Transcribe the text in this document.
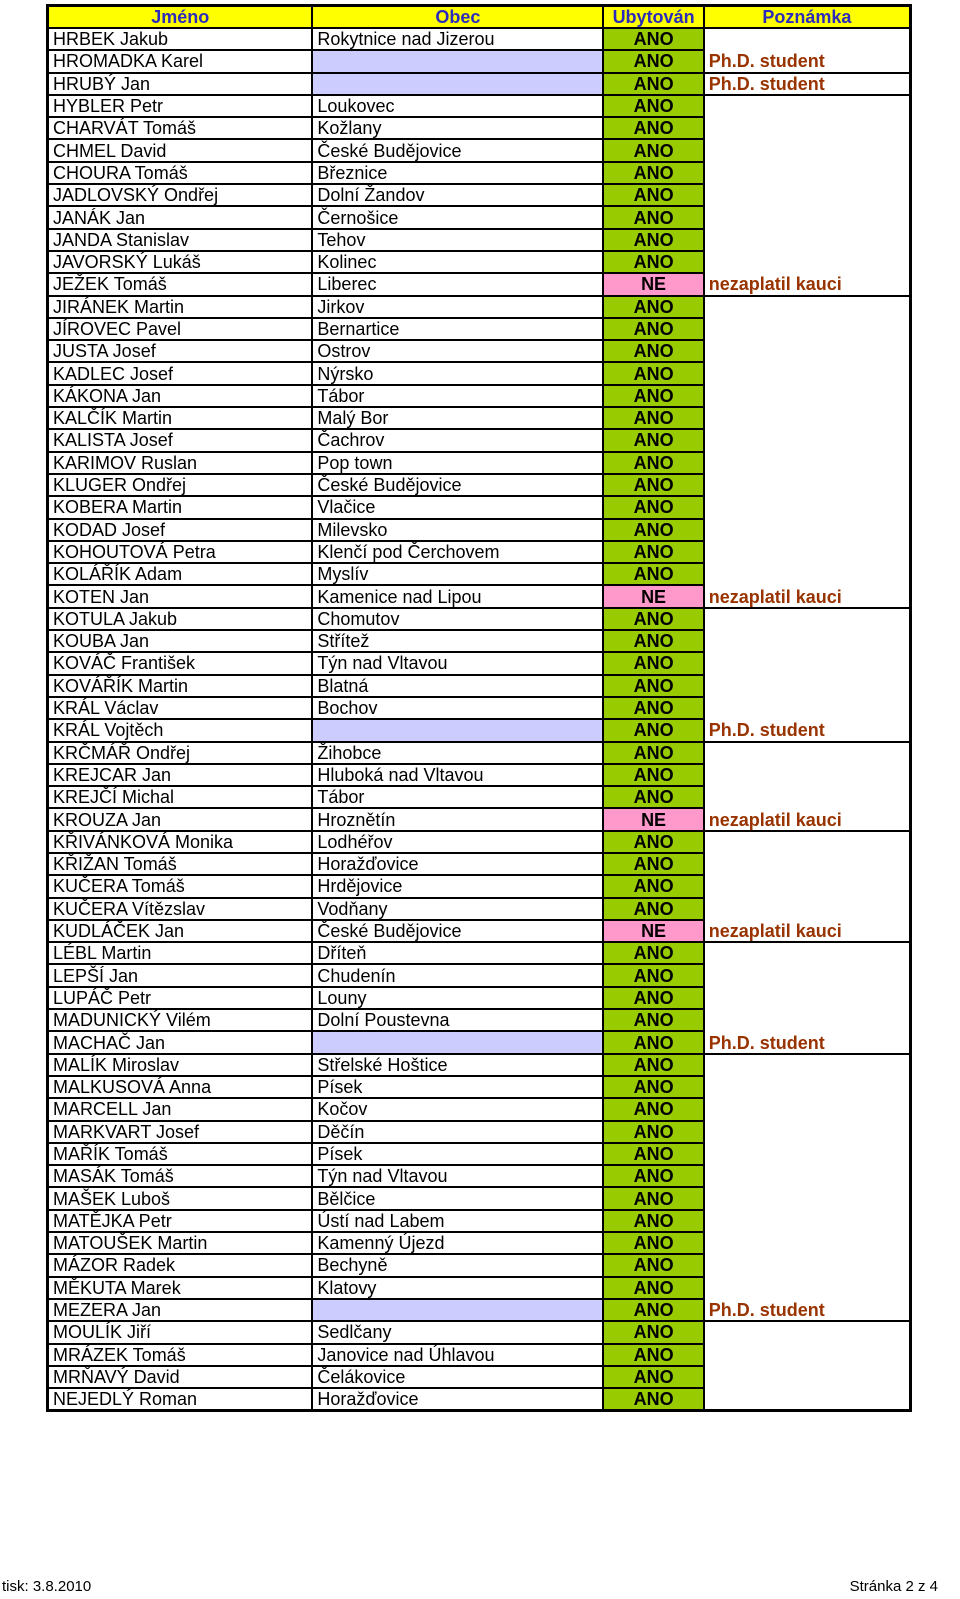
Jméno	Obec	Ubytován	Poznámka
HRBEK Jakub	Rokytnice nad Jizerou	ANO	
HROMADKA Karel		ANO	Ph.D. student
HRUBÝ Jan		ANO	Ph.D. student
HYBLER Petr	Loukovec	ANO	
CHARVÁT Tomáš	Kožlany	ANO	
CHMEL David	České Budějovice	ANO	
CHOURA Tomáš	Březnice	ANO	
JADLOVSKÝ Ondřej	Dolní Žandov	ANO	
JANÁK Jan	Černošice	ANO	
JANDA Stanislav	Tehov	ANO	
JAVORSKÝ Lukáš	Kolinec	ANO	
JEŽEK Tomáš	Liberec	NE	nezaplatil kauci
JIRÁNEK Martin	Jirkov	ANO	
JÍROVEC Pavel	Bernartice	ANO	
JUSTA Josef	Ostrov	ANO	
KADLEC Josef	Nýrsko	ANO	
KÁKONA Jan	Tábor	ANO	
KALČÍK Martin	Malý Bor	ANO	
KALISTA Josef	Čachrov	ANO	
KARIMOV Ruslan	Pop town	ANO	
KLUGER Ondřej	České Budějovice	ANO	
KOBERA Martin	Vlačice	ANO	
KODAD Josef	Milevsko	ANO	
KOHOUTOVÁ Petra	Klenčí pod Čerchovem	ANO	
KOLÁŘÍK Adam	Myslív	ANO	
KOTEN Jan	Kamenice nad Lipou	NE	nezaplatil kauci
KOTULA Jakub	Chomutov	ANO	
KOUBA Jan	Střítež	ANO	
KOVÁČ František	Týn nad Vltavou	ANO	
KOVÁŘÍK Martin	Blatná	ANO	
KRÁL Václav	Bochov	ANO	
KRÁL Vojtěch		ANO	Ph.D. student
KRČMÁŘ Ondřej	Žihobce	ANO	
KREJCAR Jan	Hluboká nad Vltavou	ANO	
KREJČÍ Michal	Tábor	ANO	
KROUZA Jan	Hroznětín	NE	nezaplatil kauci
KŘIVÁNKOVÁ Monika	Lodhéřov	ANO	
KŘIŽAN Tomáš	Horažďovice	ANO	
KUČERA Tomáš	Hrdějovice	ANO	
KUČERA Vítězslav	Vodňany	ANO	
KUDLÁČEK Jan	České Budějovice	NE	nezaplatil kauci
LÉBL Martin	Dříteň	ANO	
LEPŠÍ Jan	Chudenín	ANO	
LUPÁČ Petr	Louny	ANO	
MADUNICKÝ Vilém	Dolní Poustevna	ANO	
MACHAČ Jan		ANO	Ph.D. student
MALÍK Miroslav	Střelské Hoštice	ANO	
MALKUSOVÁ Anna	Písek	ANO	
MARCELL Jan	Kočov	ANO	
MARKVART Josef	Děčín	ANO	
MAŘÍK Tomáš	Písek	ANO	
MASÁK Tomáš	Týn nad Vltavou	ANO	
MAŠEK Luboš	Bělčice	ANO	
MATĚJKA Petr	Ústí nad Labem	ANO	
MATOUŠEK Martin	Kamenný Újezd	ANO	
MÁZOR Radek	Bechyně	ANO	
MĚKUTA Marek	Klatovy	ANO	
MEZERA Jan		ANO	Ph.D. student
MOULÍK Jiří	Sedlčany	ANO	
MRÁZEK Tomáš	Janovice nad Úhlavou	ANO	
MRŇAVÝ David	Čelákovice	ANO	
NEJEDLÝ Roman	Horažďovice	ANO	
tisk: 3.8.2010	Stránka 2 z 4
